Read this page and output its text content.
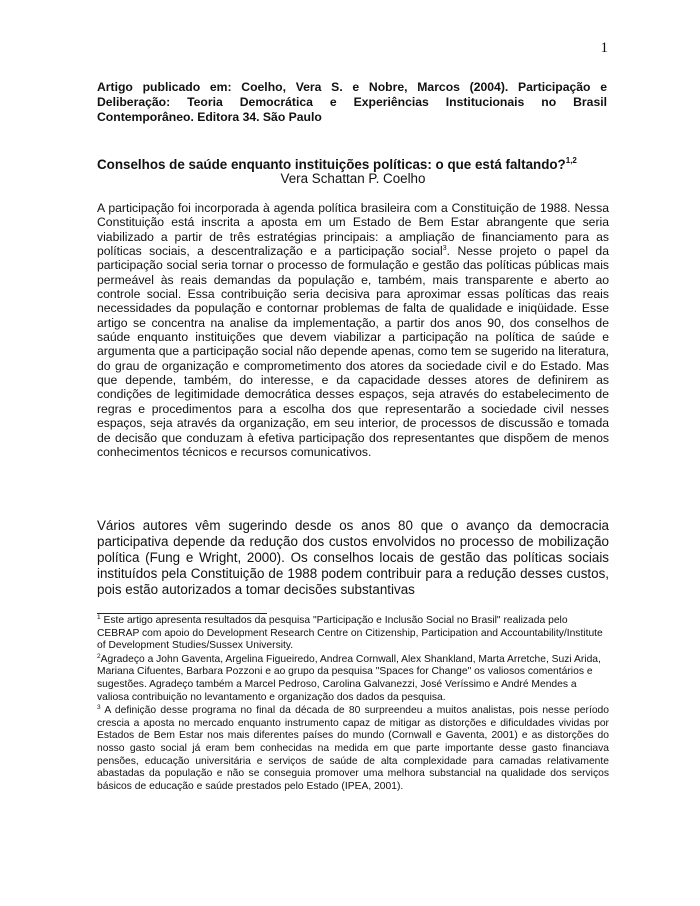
1
Artigo publicado em: Coelho, Vera S. e Nobre, Marcos (2004). Participação e Deliberação: Teoria Democrática e Experiências Institucionais no Brasil Contemporâneo. Editora 34. São Paulo
Conselhos de saúde enquanto instituições políticas: o que está faltando?$^{1,2}$
Vera Schattan P. Coelho
A participação foi incorporada à agenda política brasileira com a Constituição de 1988. Nessa Constituição está inscrita a aposta em um Estado de Bem Estar abrangente que seria viabilizado a partir de três estratégias principais: a ampliação de financiamento para as políticas sociais, a descentralização e a participação social$^3$. Nesse projeto o papel da participação social seria tornar o processo de formulação e gestão das políticas públicas mais permeável às reais demandas da população e, também, mais transparente e aberto ao controle social. Essa contribuição seria decisiva para aproximar essas políticas das reais necessidades da população e contornar problemas de falta de qualidade e iniqüidade. Esse artigo se concentra na analise da implementação, a partir dos anos 90, dos conselhos de saúde enquanto instituições que devem viabilizar a participação na política de saúde e argumenta que a participação social não depende apenas, como tem se sugerido na literatura, do grau de organização e comprometimento dos atores da sociedade civil e do Estado. Mas que depende, também, do interesse, e da capacidade desses atores de definirem as condições de legitimidade democrática desses espaços, seja através do estabelecimento de regras e procedimentos para a escolha dos que representarão a sociedade civil nesses espaços, seja através da organização, em seu interior, de processos de discussão e tomada de decisão que conduzam à efetiva participação dos representantes que dispõem de menos conhecimentos técnicos e recursos comunicativos.
Vários autores vêm sugerindo desde os anos 80 que o avanço da democracia participativa depende da redução dos custos envolvidos no processo de mobilização política (Fung e Wright, 2000). Os conselhos locais de gestão das políticas sociais instituídos pela Constituição de 1988 podem contribuir para a redução desses custos, pois estão autorizados a tomar decisões substantivas
$^1$ Este artigo apresenta resultados da pesquisa "Participação e Inclusão Social no Brasil" realizada pelo CEBRAP com apoio do Development Research Centre on Citizenship, Participation and Accountability/Institute of Development Studies/Sussex University.
$^2$Agradeço a John Gaventa, Argelina Figueiredo, Andrea Cornwall, Alex Shankland, Marta Arretche, Suzi Arida, Mariana Cifuentes, Barbara Pozzoni e ao grupo da pesquisa "Spaces for Change" os valiosos comentários e sugestões. Agradeço também a Marcel Pedroso, Carolina Galvanezzi, José Veríssimo e André Mendes a valiosa contribuição no levantamento e organização dos dados da pesquisa.
$^3$ A definição desse programa no final da década de 80 surpreendeu a muitos analistas, pois nesse período crescia a aposta no mercado enquanto instrumento capaz de mitigar as distorções e dificuldades vividas por Estados de Bem Estar nos mais diferentes países do mundo (Cornwall e Gaventa, 2001) e as distorções do nosso gasto social já eram bem conhecidas na medida em que parte importante desse gasto financiava pensões, educação universitária e serviços de saúde de alta complexidade para camadas relativamente abastadas da população e não se conseguia promover uma melhora substancial na qualidade dos serviços básicos de educação e saúde prestados pelo Estado (IPEA, 2001).
